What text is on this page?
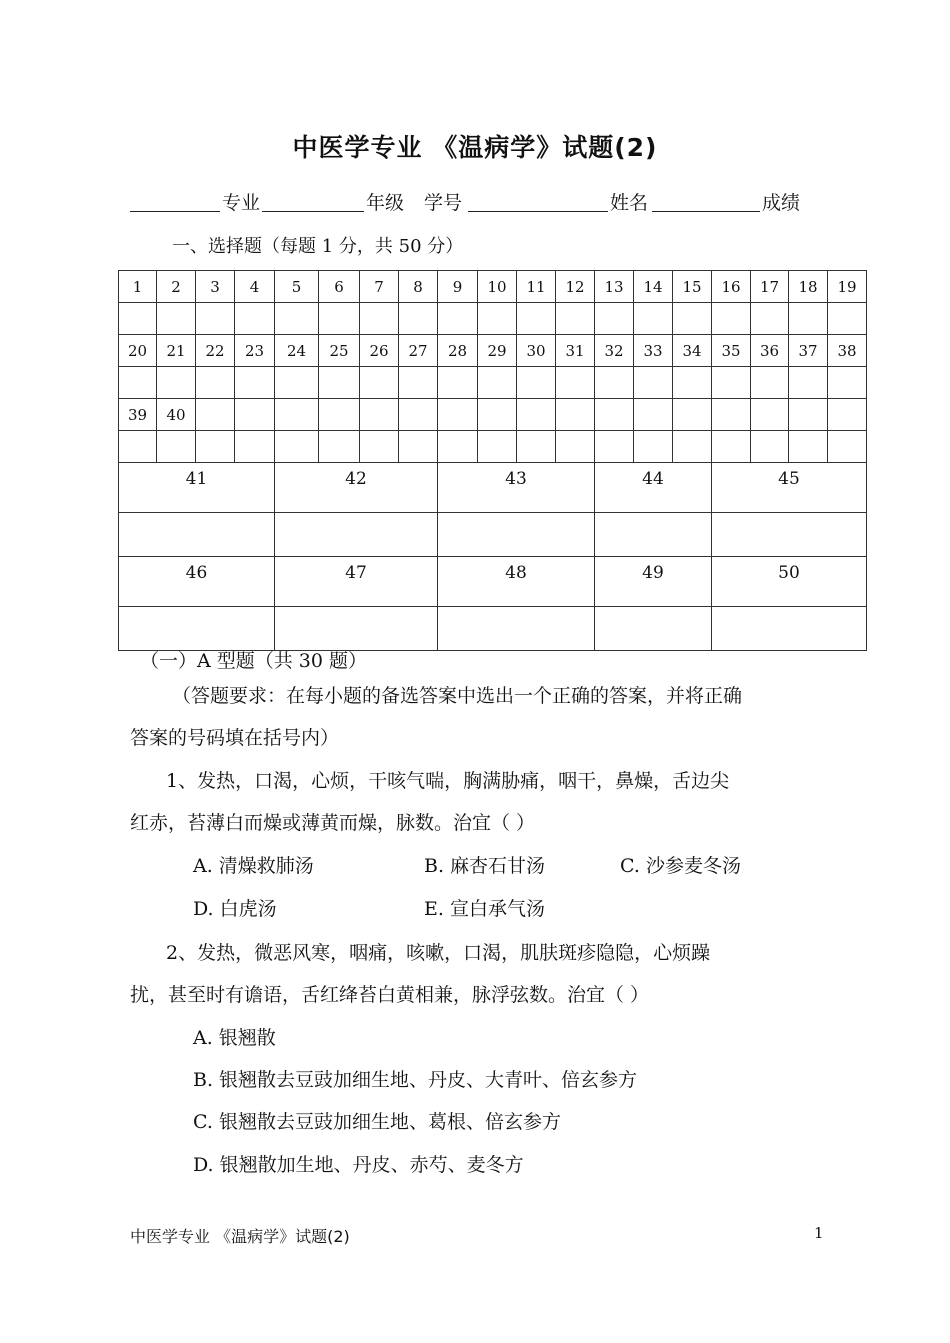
中医学专业 《温病学》试题(2)
专业	年级 学号	姓名	成绩
一、选择题（每题 1 分，共 50 分）
1	2	3	4	5	6	7	8	9	10	11	12	13	14	15	16	17	18	19

20	21	22	23	24	25	26	27	28	29	30	31	32	33	34	35	36	37	38

39	40																	

41				42				43				44			45			

46				47				48				49			50			

（一）A 型题（共 30 题）
（答题要求：在每小题的备选答案中选出一个正确的答案，并将正确
答案的号码填在括号内）
1、发热，口渴，心烦，干咳气喘，胸满胁痛，咽干，鼻燥，舌边尖
红赤，苔薄白而燥或薄黄而燥，脉数。治宜（ ）
A. 清燥救肺汤	B. 麻杏石甘汤	C. 沙参麦冬汤
D. 白虎汤	E. 宣白承气汤
2、发热，微恶风寒，咽痛，咳嗽，口渴，肌肤斑疹隐隐，心烦躁
扰，甚至时有谵语，舌红绛苔白黄相兼，脉浮弦数。治宜（ ）
A. 银翘散
B. 银翘散去豆豉加细生地、丹皮、大青叶、倍玄参方
C. 银翘散去豆豉加细生地、葛根、倍玄参方
D. 银翘散加生地、丹皮、赤芍、麦冬方
中医学专业 《温病学》试题(2)	1
